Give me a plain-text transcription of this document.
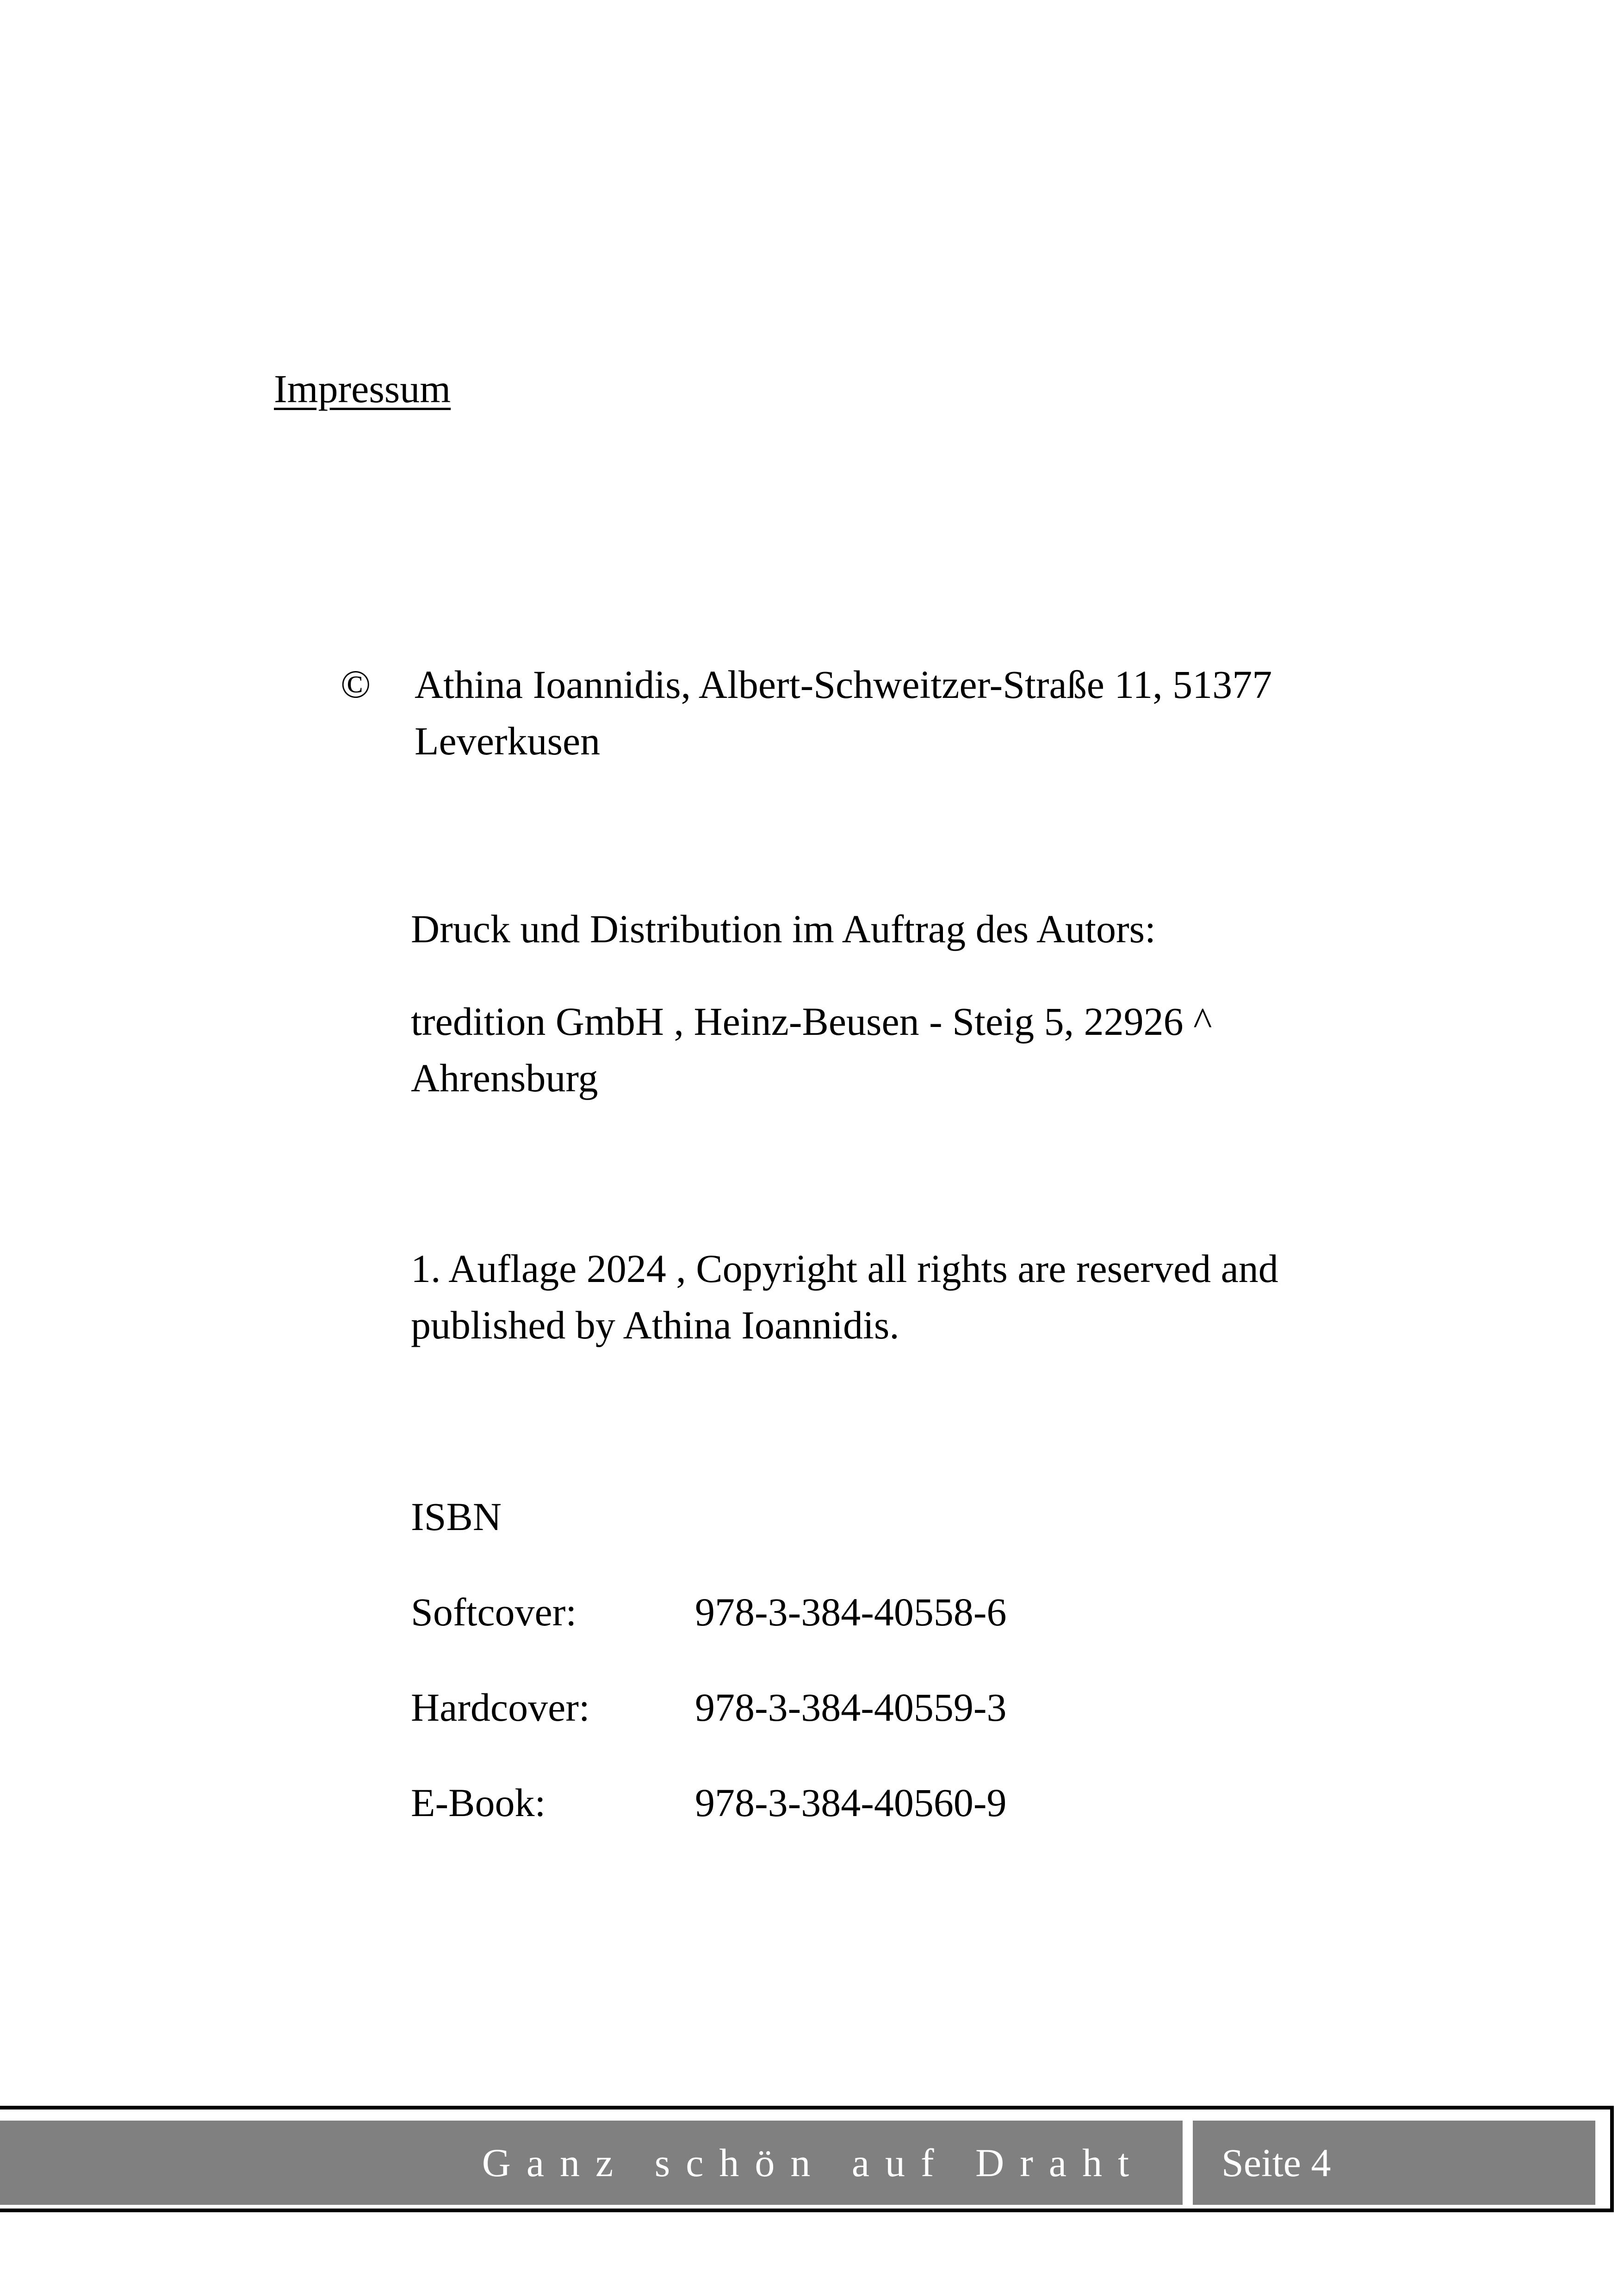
Impressum
© Athina Ioannidis, Albert-Schweitzer-Straße 11, 51377
Leverkusen
Druck und Distribution im Auftrag des Autors:
tredition GmbH , Heinz-Beusen - Steig 5, 22926 ^
Ahrensburg
1. Auflage 2024 , Copyright all rights are reserved and
published by Athina Ioannidis.
ISBN
Softcover:	978-3-384-40558-6
Hardcover:	978-3-384-40559-3
E-Book:	978-3-384-40560-9
Ganz schön auf Draht Seite 4
